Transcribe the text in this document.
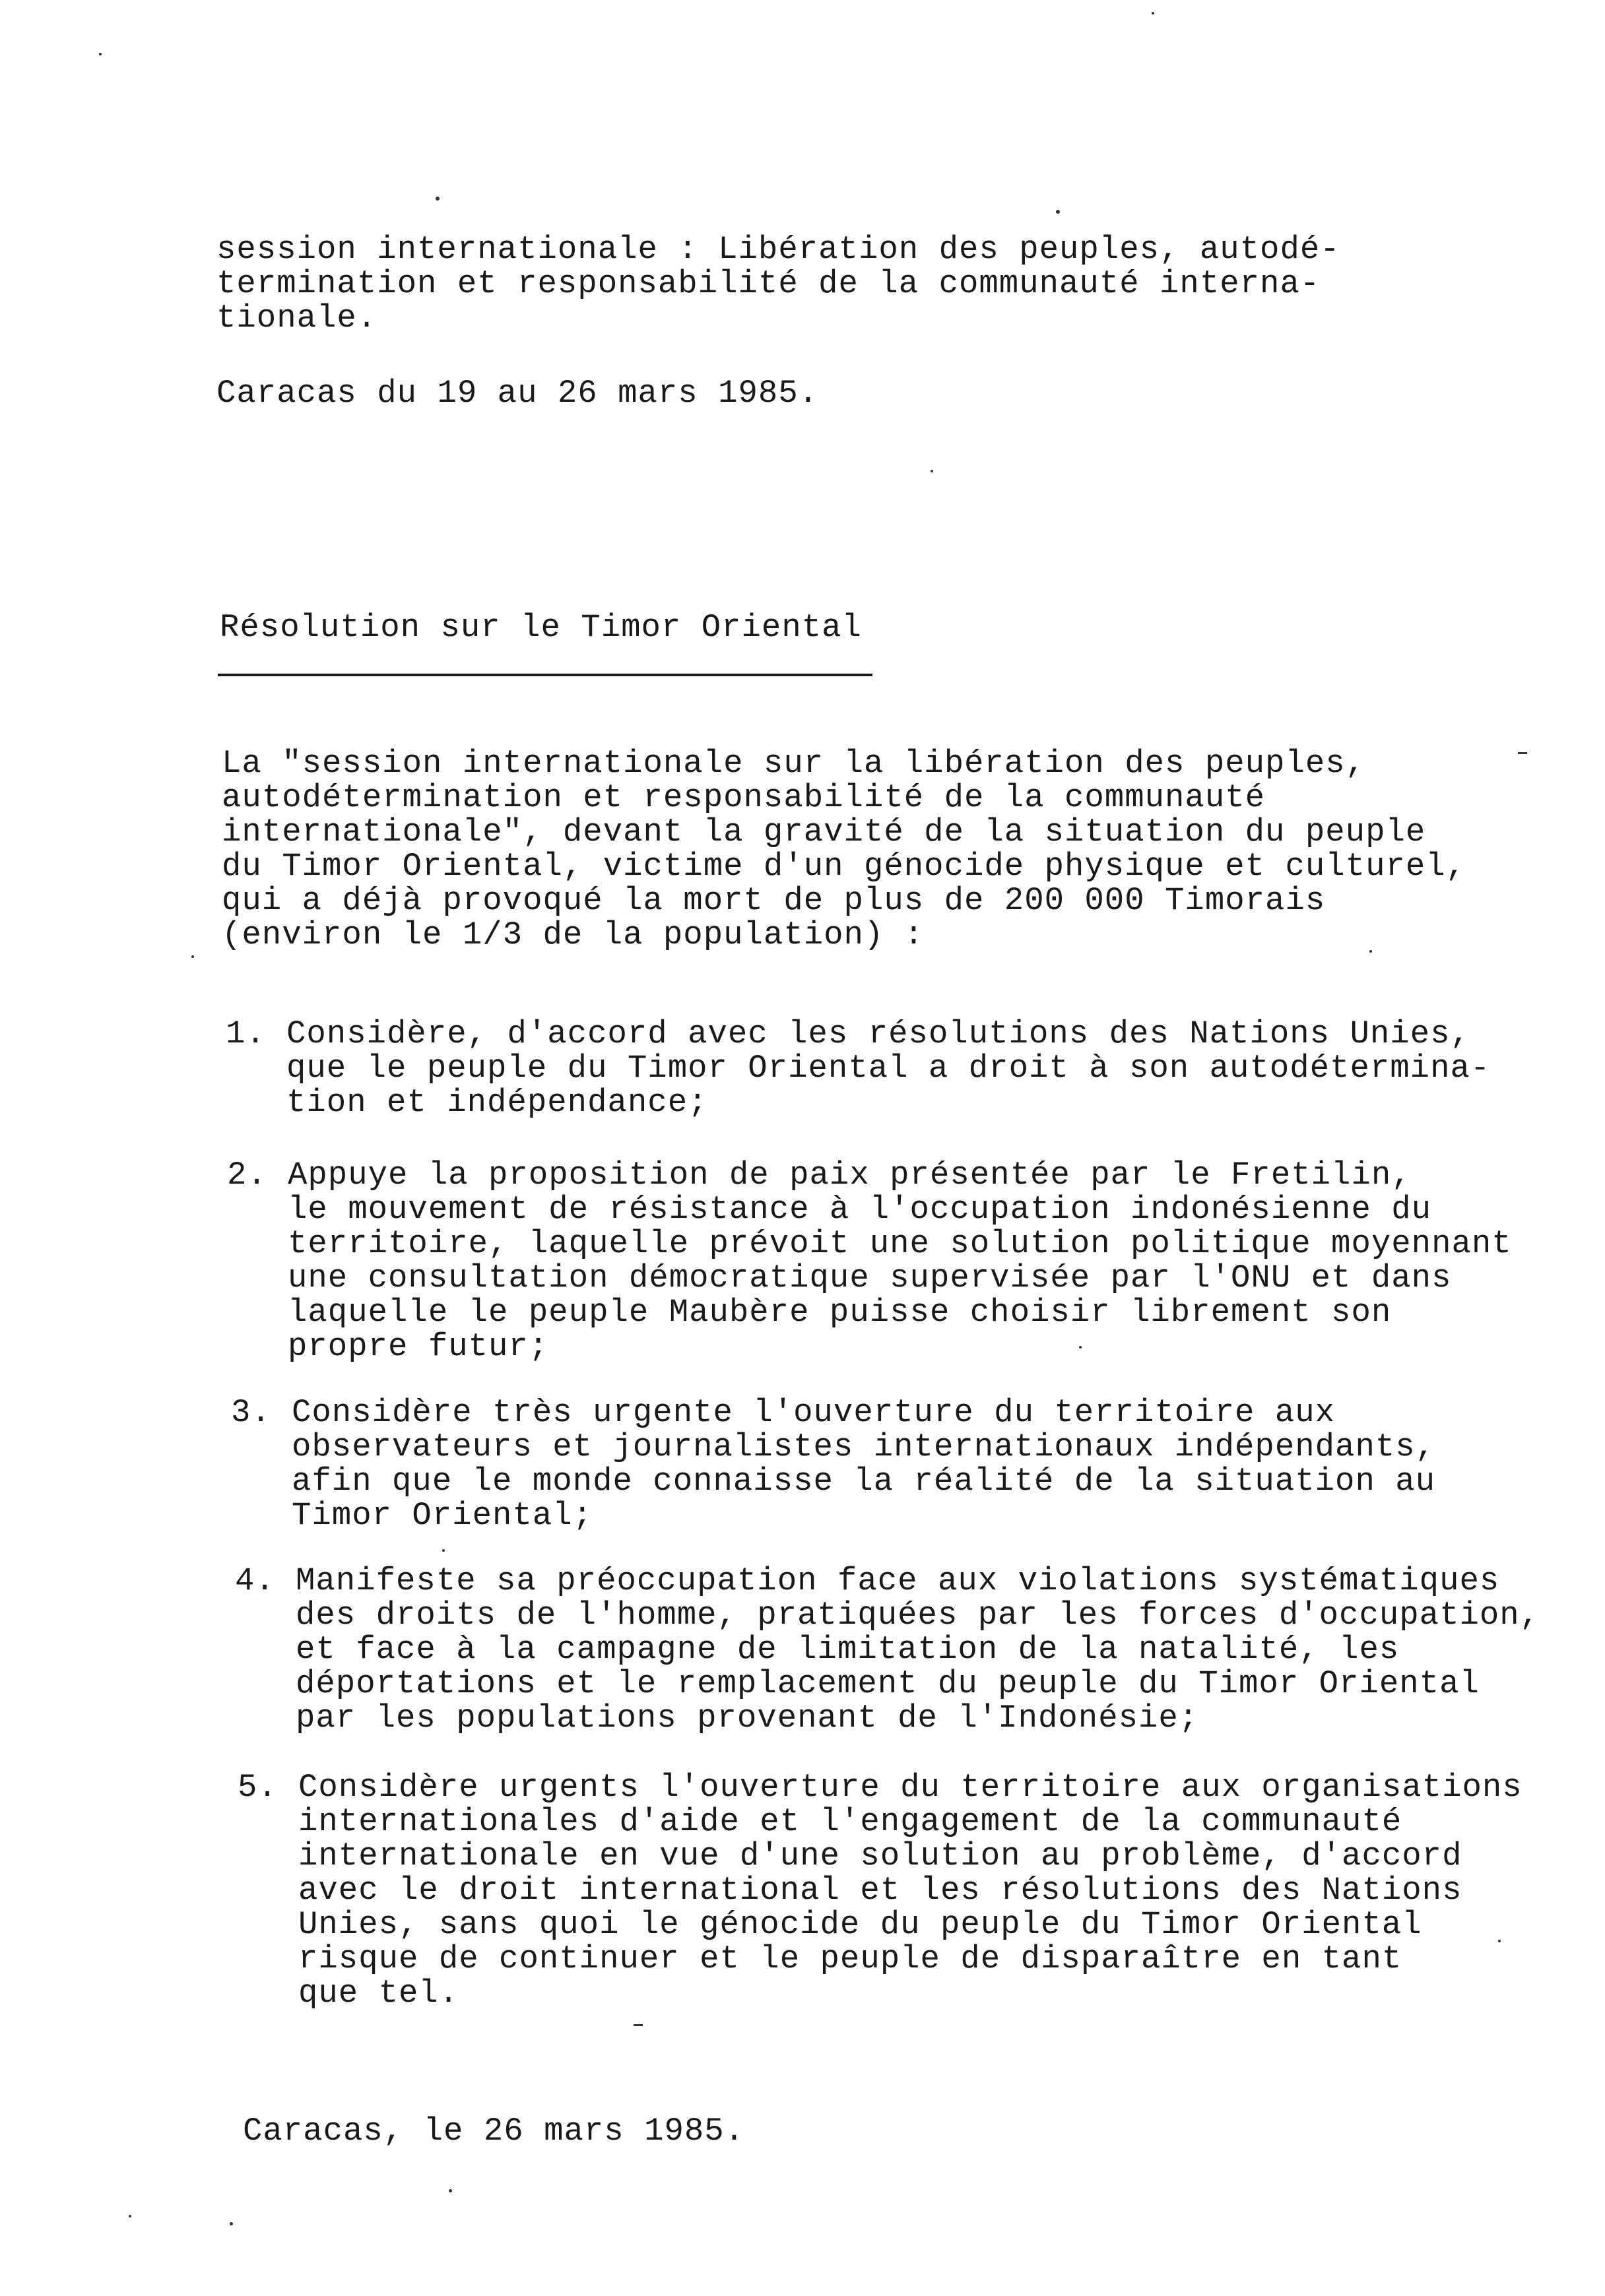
session internationale : Libération des peuples, autodé-
termination et responsabilité de la communauté interna-
tionale.
Caracas du 19 au 26 mars 1985.
Résolution sur le Timor Oriental
La "session internationale sur la libération des peuples,
autodétermination et responsabilité de la communauté
internationale", devant la gravité de la situation du peuple
du Timor Oriental, victime d'un génocide physique et culturel,
qui a déjà provoqué la mort de plus de 200 000 Timorais
(environ le 1/3 de la population) :
1. Considère, d'accord avec les résolutions des Nations Unies,
que le peuple du Timor Oriental a droit à son autodétermina-
tion et indépendance;
2. Appuye la proposition de paix présentée par le Fretilin,
le mouvement de résistance à l'occupation indonésienne du
territoire, laquelle prévoit une solution politique moyennant
une consultation démocratique supervisée par l'ONU et dans
laquelle le peuple Maubère puisse choisir librement son
propre futur;
3. Considère très urgente l'ouverture du territoire aux
observateurs et journalistes internationaux indépendants,
afin que le monde connaisse la réalité de la situation au
Timor Oriental;
4. Manifeste sa préoccupation face aux violations systématiques
des droits de l'homme, pratiquées par les forces d'occupation,
et face à la campagne de limitation de la natalité, les
déportations et le remplacement du peuple du Timor Oriental
par les populations provenant de l'Indonésie;
5. Considère urgents l'ouverture du territoire aux organisations
internationales d'aide et l'engagement de la communauté
internationale en vue d'une solution au problème, d'accord
avec le droit international et les résolutions des Nations
Unies, sans quoi le génocide du peuple du Timor Oriental
risque de continuer et le peuple de disparaître en tant
que tel.
Caracas, le 26 mars 1985.
